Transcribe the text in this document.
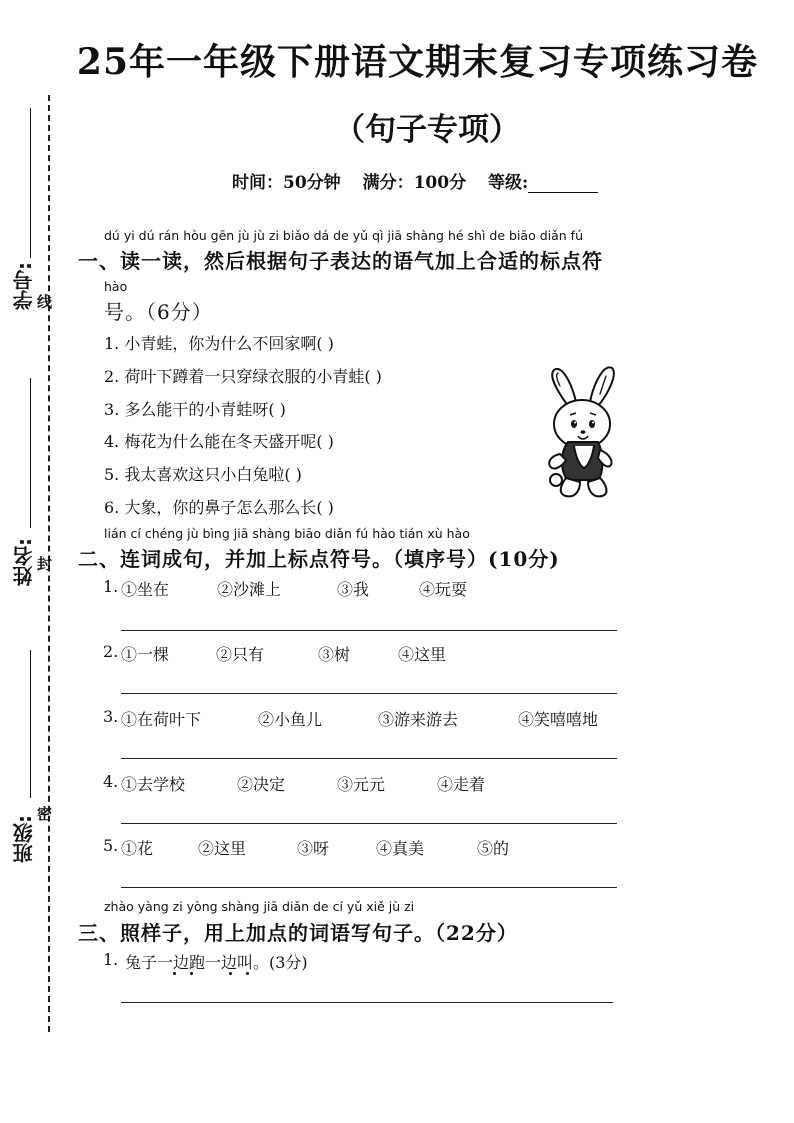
25年一年级下册语文期末复习专项练习卷
（句子专项）
时间：50分钟 满分：100分 等级:
学号: 线
姓名: 封
班级:
密
dú yi dú rán hòu gēn jù jù zi biǎo dá de yǔ qì jiā shàng hé shì de biāo diǎn fú
一、读一读，然后根据句子表达的语气加上合适的标点符
hào
号。（6分）
1. 小青蛙，你为什么不回家啊( )
2. 荷叶下蹲着一只穿绿衣服的小青蛙( )
3. 多么能干的小青蛙呀( )
4. 梅花为什么能在冬天盛开呢( )
5. 我太喜欢这只小白兔啦( )
6. 大象，你的鼻子怎么那么长( )
lián cí chéng jù bìng jiā shàng biāo diǎn fú hào tián xù hào
二、连词成句，并加上标点符号。（填序号）(10分)
1. ①坐在	②沙滩上	③我	④玩耍
2. ①一棵	②只有	③树	④这里
3. ①在荷叶下	②小鱼儿	③游来游去	④笑嘻嘻地
4. ①去学校	②决定	③元元	④走着
5. ①花	②这里	③呀	④真美	⑤的
zhào yàng zi yòng shàng jiā diǎn de cí yǔ xiě jù zi
三、照样子，用上加点的词语写句子。（22分）
1. 兔子一边跑一边叫。(3分)
